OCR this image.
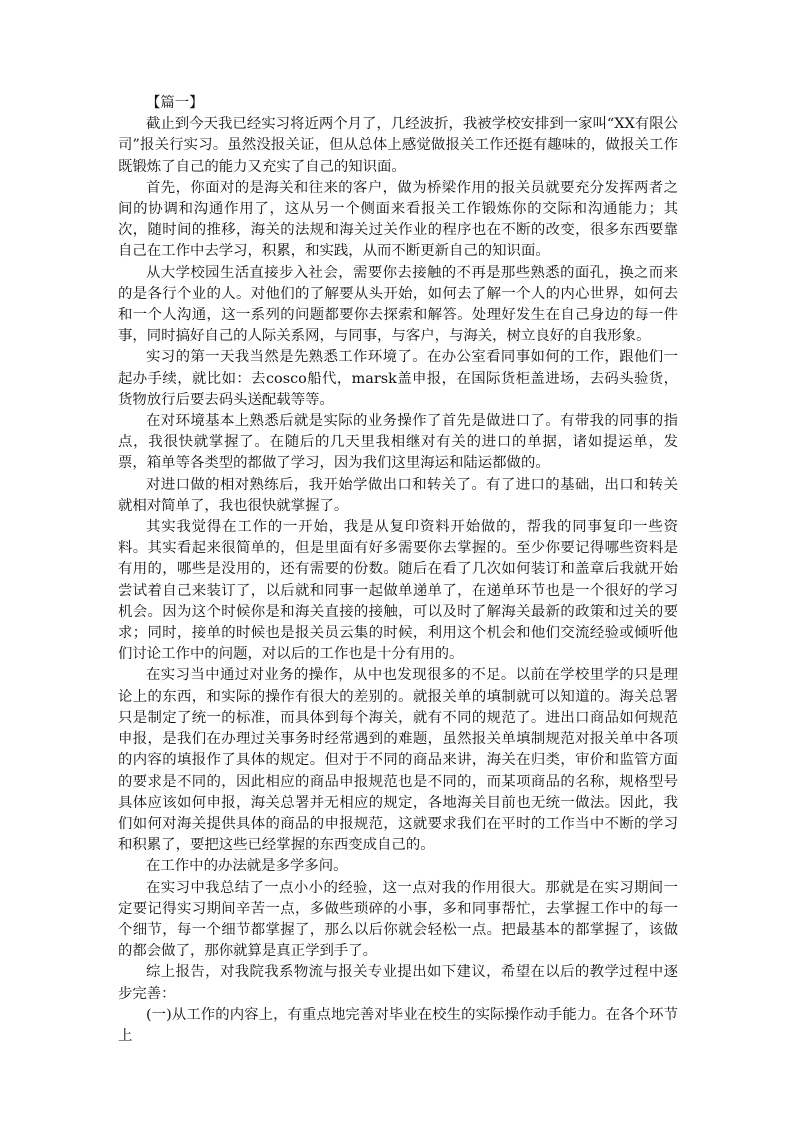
【篇一】

截止到今天我已经实习将近两个月了，几经波折，我被学校安排到一家叫“XX有限公司”报关行实习。虽然没报关证，但从总体上感觉做报关工作还挺有趣味的，做报关工作既锻炼了自己的能力又充实了自己的知识面。

首先，你面对的是海关和往来的客户，做为桥梁作用的报关员就要充分发挥两者之间的协调和沟通作用了，这从另一个侧面来看报关工作锻炼你的交际和沟通能力；其次，随时间的推移，海关的法规和海关过关作业的程序也在不断的改变，很多东西要靠自己在工作中去学习，积累，和实践，从而不断更新自己的知识面。

从大学校园生活直接步入社会，需要你去接触的不再是那些熟悉的面孔，换之而来的是各行个业的人。对他们的了解要从头开始，如何去了解一个人的内心世界，如何去和一个人沟通，这一系列的问题都要你去探索和解答。处理好发生在自己身边的每一件事，同时搞好自己的人际关系网，与同事，与客户，与海关，树立良好的自我形象。

实习的第一天我当然是先熟悉工作环境了。在办公室看同事如何的工作，跟他们一起办手续，就比如：去cosco船代，marsk盖申报，在国际货柜盖进场，去码头验货，货物放行后要去码头送配载等等。

在对环境基本上熟悉后就是实际的业务操作了首先是做进口了。有带我的同事的指点，我很快就掌握了。在随后的几天里我相继对有关的进口的单据，诸如提运单，发票，箱单等各类型的都做了学习，因为我们这里海运和陆运都做的。

对进口做的相对熟练后，我开始学做出口和转关了。有了进口的基础，出口和转关就相对简单了，我也很快就掌握了。

其实我觉得在工作的一开始，我是从复印资料开始做的，帮我的同事复印一些资料。其实看起来很简单的，但是里面有好多需要你去掌握的。至少你要记得哪些资料是有用的，哪些是没用的，还有需要的份数。随后在看了几次如何装订和盖章后我就开始尝试着自己来装订了，以后就和同事一起做单递单了，在递单环节也是一个很好的学习机会。因为这个时候你是和海关直接的接触，可以及时了解海关最新的政策和过关的要求；同时，接单的时候也是报关员云集的时候，利用这个机会和他们交流经验或倾听他们讨论工作中的问题，对以后的工作也是十分有用的。

在实习当中通过对业务的操作，从中也发现很多的不足。以前在学校里学的只是理论上的东西，和实际的操作有很大的差别的。就报关单的填制就可以知道的。海关总署只是制定了统一的标准，而具体到每个海关，就有不同的规范了。进出口商品如何规范申报，是我们在办理过关事务时经常遇到的难题，虽然报关单填制规范对报关单中各项的内容的填报作了具体的规定。但对于不同的商品来讲，海关在归类，审价和监管方面的要求是不同的，因此相应的商品申报规范也是不同的，而某项商品的名称，规格型号具体应该如何申报，海关总署并无相应的规定，各地海关目前也无统一做法。因此，我们如何对海关提供具体的商品的申报规范，这就要求我们在平时的工作当中不断的学习和积累了，要把这些已经掌握的东西变成自己的。

在工作中的办法就是多学多问。

在实习中我总结了一点小小的经验，这一点对我的作用很大。那就是在实习期间一定要记得实习期间辛苦一点，多做些琐碎的小事，多和同事帮忙，去掌握工作中的每一个细节，每一个细节都掌握了，那么以后你就会轻松一点。把最基本的都掌握了，该做的都会做了，那你就算是真正学到手了。

综上报告，对我院我系物流与报关专业提出如下建议，希望在以后的教学过程中逐步完善：

(一)从工作的内容上，有重点地完善对毕业在校生的实际操作动手能力。在各个环节上
